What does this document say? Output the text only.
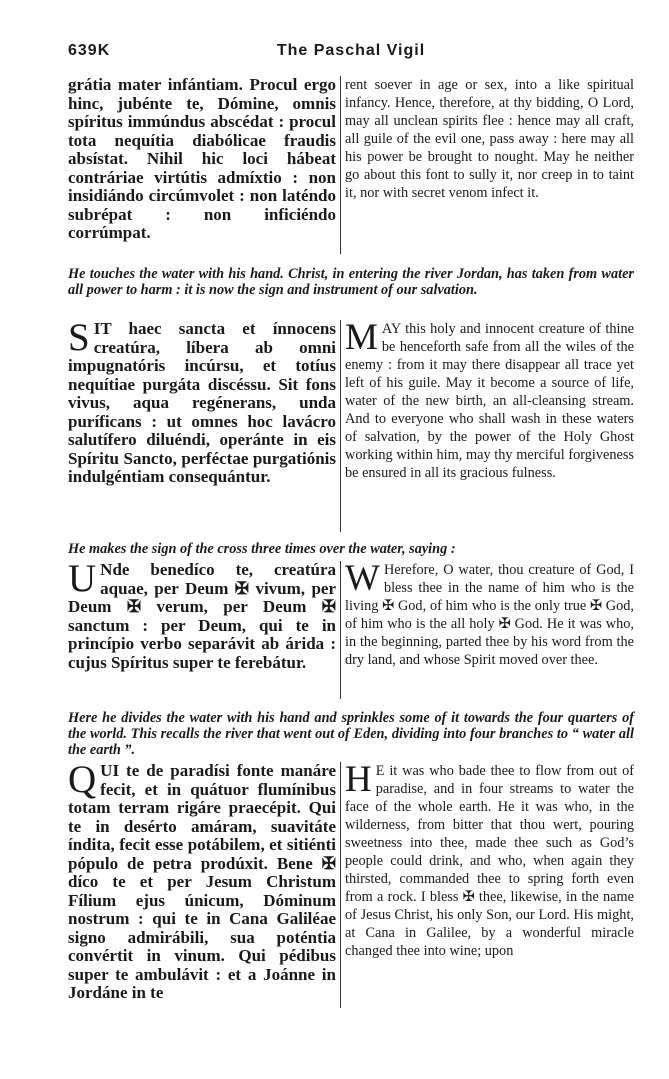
639K	The Paschal Vigil
grátia mater infántiam. Procul ergo hinc, jubénte te, Dómine, omnis spíritus immúndus abscédat : procul tota nequítia diabólicae fraudis absístat. Nihil hic loci hábeat contráriae virtútis admíxtio : non insidiándo circúmvolet : non laténdo subrépat : non inficiéndo corrúmpat.
rent soever in age or sex, into a like spiritual infancy. Hence, therefore, at thy bidding, O Lord, may all unclean spirits flee : hence may all craft, all guile of the evil one, pass away : here may all his power be brought to nought. May he neither go about this font to sully it, nor creep in to taint it, nor with secret venom infect it.
He touches the water with his hand. Christ, in entering the river Jordan, has taken from water all power to harm : it is now the sign and instrument of our salvation.
SIT haec sancta et ínnocens creatúra, líbera ab omni impugnatóris incúrsu, et totíus nequítiae purgáta discéssu. Sit fons vivus, aqua regénerans, unda puríficans : ut omnes hoc lavácro salutífero diluéndi, operánte in eis Spíritu Sancto, perféctae purgatiónis indulgéntiam consequántur.
MAY this holy and innocent creature of thine be henceforth safe from all the wiles of the enemy : from it may there disappear all trace yet left of his guile. May it become a source of life, water of the new birth, an all-cleansing stream. And to everyone who shall wash in these waters of salvation, by the power of the Holy Ghost working within him, may thy merciful forgiveness be ensured in all its gracious fulness.
He makes the sign of the cross three times over the water, saying :
U Nde benedíco te, creatúra aquae, per Deum ✠ vivum, per Deum ✠ verum, per Deum ✠ sanctum : per Deum, qui te in princípio verbo separávit ab árida : cujus Spíritus super te ferebátur.
W Herefore, O water, thou creature of God, I bless thee in the name of him who is the living ✠ God, of him who is the only true ✠ God, of him who is the all holy ✠ God. He it was who, in the beginning, parted thee by his word from the dry land, and whose Spirit moved over thee.
Here he divides the water with his hand and sprinkles some of it towards the four quarters of the world. This recalls the river that went out of Eden, dividing into four branches to “ water all the earth ”.
QUI te de paradísi fonte manáre fecit, et in quátuor flumínibus totam terram rigáre praecépit. Qui te in desérto amáram, suavitáte índita, fecit esse potábilem, et sitiénti pópulo de petra prodúxit. Bene ✠ díco te et per Jesum Christum Fílium ejus únicum, Dóminum nostrum : qui te in Cana Galiléae signo admirábili, sua poténtia convértit in vinum. Qui pédibus super te ambulávit : et a Joánne in Jordáne in te
H E it was who bade thee to flow from out of paradise, and in four streams to water the face of the whole earth. He it was who, in the wilderness, from bitter that thou wert, pouring sweetness into thee, made thee such as God’s people could drink, and who, when again they thirsted, commanded thee to spring forth even from a rock. I bless ✠ thee, likewise, in the name of Jesus Christ, his only Son, our Lord. His might, at Cana in Galilee, by a wonderful miracle changed thee into wine; upon
